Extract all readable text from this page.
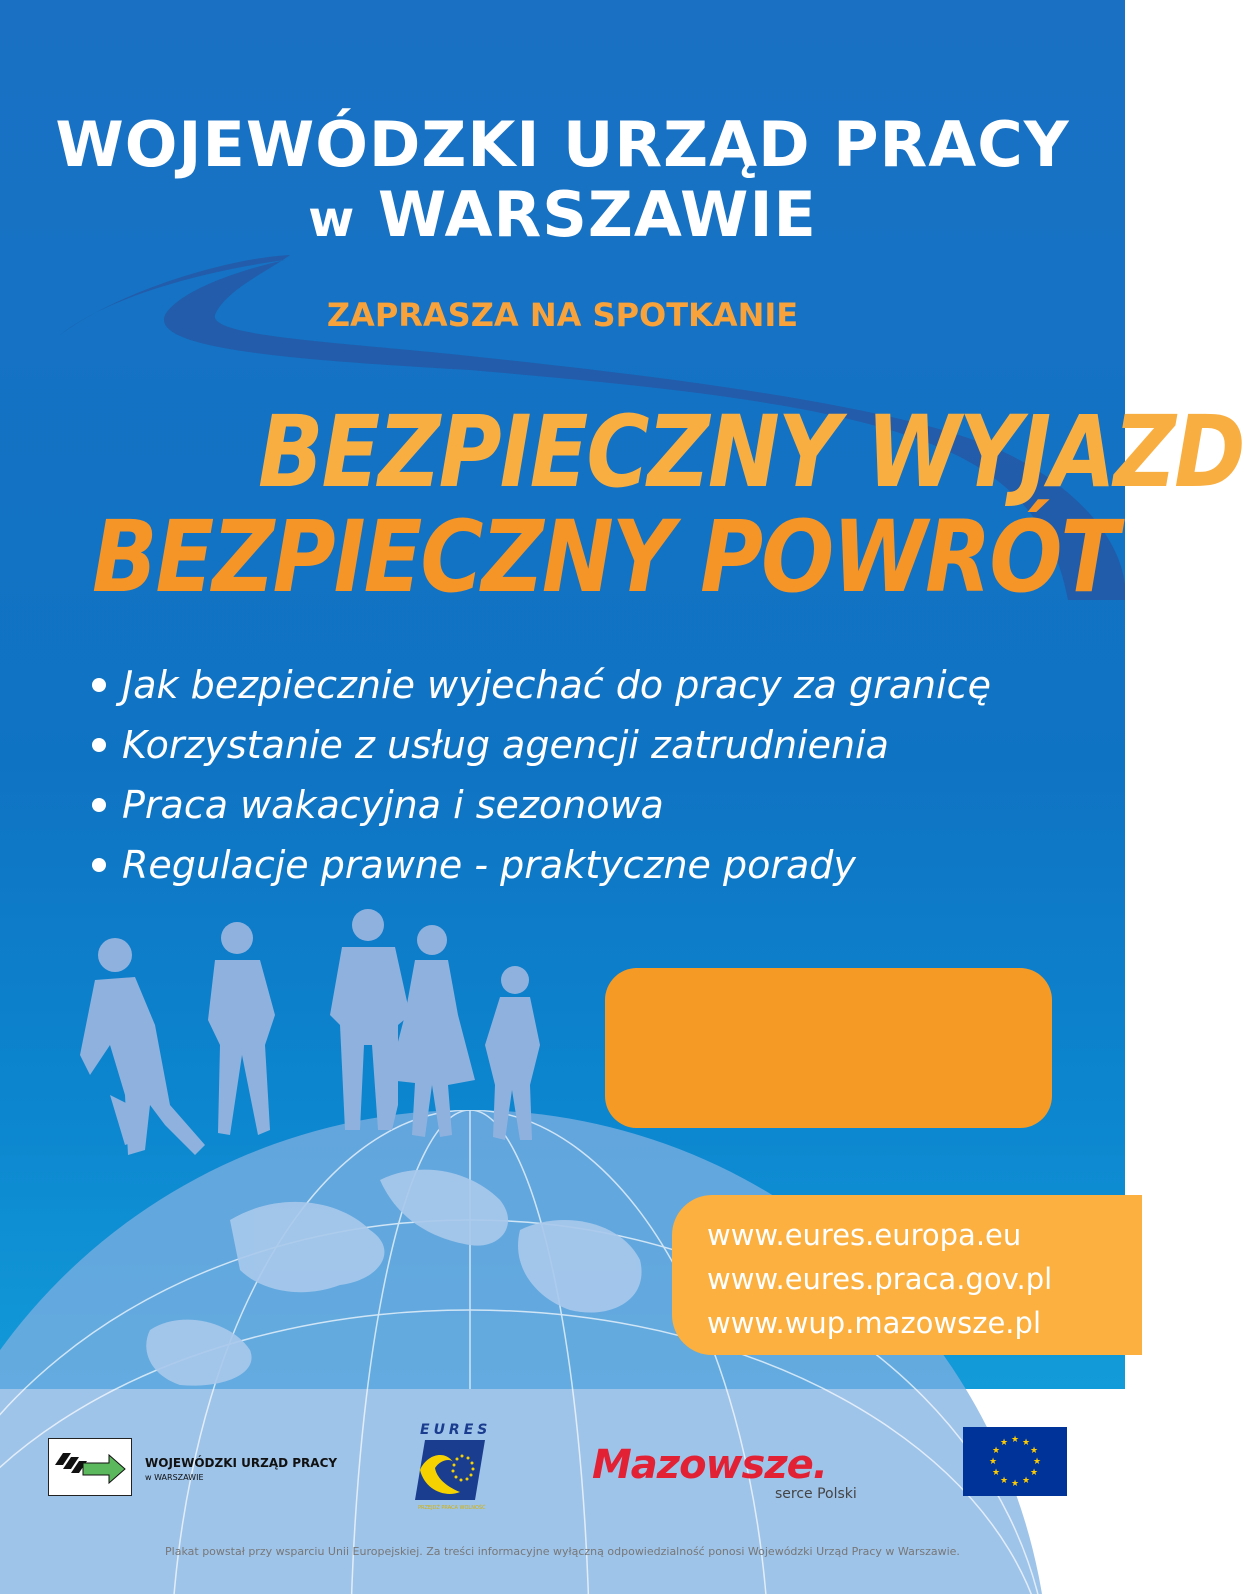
WOJEWÓDZKI URZĄD PRACY
w WARSZAWIE
ZAPRASZA NA SPOTKANIE
BEZPIECZNY WYJAZD
BEZPIECZNY POWRÓT
Jak bezpiecznie wyjechać do pracy za granicę
Korzystanie z usług agencji zatrudnienia
Praca wakacyjna i sezonowa
Regulacje prawne - praktyczne porady
www.eures.europa.eu
www.eures.praca.gov.pl
www.wup.mazowsze.pl
WOJEWÓDZKI URZĄD PRACY
w WARSZAWIE
EURES
PRZEJDŹ PRACA WOLNOŚĆ
Mazowsze.
serce Polski
★ ★
★
★
★
★
★
★
★
★
★
★
Plakat powstał przy wsparciu Unii Europejskiej. Za treści informacyjne wyłączną odpowiedzialność ponosi Wojewódzki Urząd Pracy w Warszawie.
